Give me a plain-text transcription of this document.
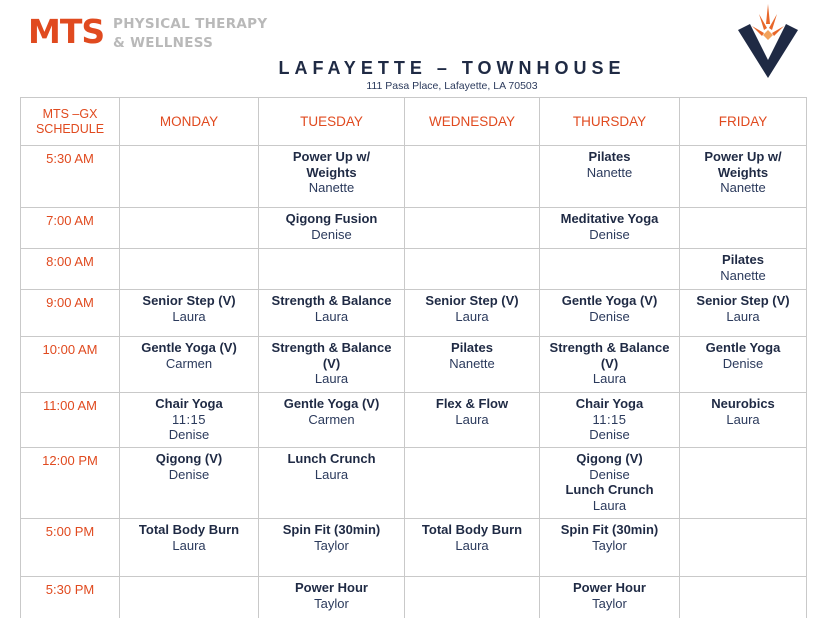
MTS PHYSICAL THERAPY
& WELLNESS
LAFAYETTE – TOWNHOUSE
111 Pasa Place, Lafayette, LA 70503
MTS –GX
SCHEDULE	MONDAY	TUESDAY	WEDNESDAY	THURSDAY	FRIDAY
5:30 AM		Power Up w/
Weights
Nanette		Pilates
Nanette	Power Up w/
Weights
Nanette

7:00 AM		Qigong Fusion
Denise		Meditative Yoga
Denise	

8:00 AM					Pilates
Nanette

9:00 AM	Senior Step (V)
Laura	Strength & Balance
Laura	Senior Step (V)
Laura	Gentle Yoga (V)
Denise	Senior Step (V)
Laura

10:00 AM	Gentle Yoga (V)
Carmen	Strength & Balance
(V)
Laura	Pilates
Nanette	Strength & Balance
(V)
Laura	Gentle Yoga
Denise

11:00 AM	Chair Yoga
11:15
Denise	Gentle Yoga (V)
Carmen	Flex & Flow
Laura	Chair Yoga
11:15
Denise	Neurobics
Laura

12:00 PM	Qigong (V)
Denise	Lunch Crunch
Laura		Qigong (V)
Denise
Lunch Crunch
Laura	

5:00 PM	Total Body Burn
Laura	Spin Fit (30min)
Taylor	Total Body Burn
Laura	Spin Fit (30min)
Taylor	

5:30 PM		Power Hour
Taylor		Power Hour
Taylor	
